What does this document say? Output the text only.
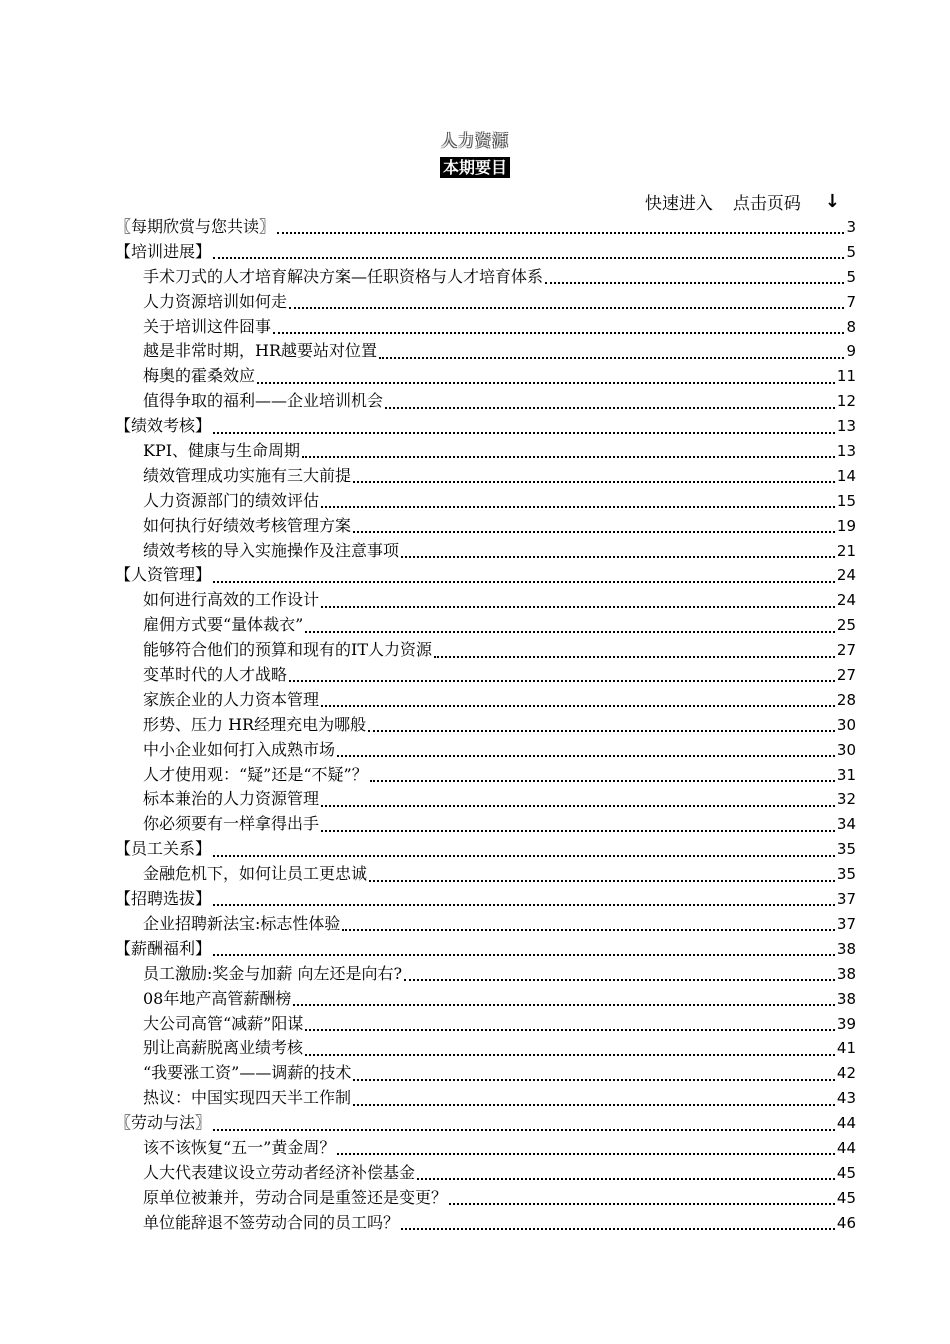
人力资源
本期要目
快速进入 点击页码 ↓
〖每期欣赏与您共读〗	3
【培训进展】	5
手术刀式的人才培育解决方案—任职资格与人才培育体系	5
人力资源培训如何走	7
关于培训这件囧事	8
越是非常时期，HR越要站对位置	9
梅奥的霍桑效应	11
值得争取的福利——企业培训机会	12
【绩效考核】	13
KPI、健康与生命周期	13
绩效管理成功实施有三大前提	14
人力资源部门的绩效评估	15
如何执行好绩效考核管理方案	19
绩效考核的导入实施操作及注意事项	21
【人资管理】	24
如何进行高效的工作设计	24
雇佣方式要“量体裁衣”	25
能够符合他们的预算和现有的IT人力资源	27
变革时代的人才战略	27
家族企业的人力资本管理	28
形势、压力 HR经理充电为哪般	30
中小企业如何打入成熟市场	30
人才使用观：“疑”还是“不疑”？	31
标本兼治的人力资源管理	32
你必须要有一样拿得出手	34
【员工关系】	35
金融危机下，如何让员工更忠诚	35
【招聘选拔】	37
企业招聘新法宝:标志性体验	37
【薪酬福利】	38
员工激励:奖金与加薪 向左还是向右?	38
08年地产高管薪酬榜	38
大公司高管“减薪”阳谋	39
别让高薪脱离业绩考核	41
“我要涨工资”——调薪的技术	42
热议：中国实现四天半工作制	43
〖劳动与法〗	44
该不该恢复“五一”黄金周？	44
人大代表建议设立劳动者经济补偿基金	45
原单位被兼并，劳动合同是重签还是变更？	45
单位能辞退不签劳动合同的员工吗？	46
